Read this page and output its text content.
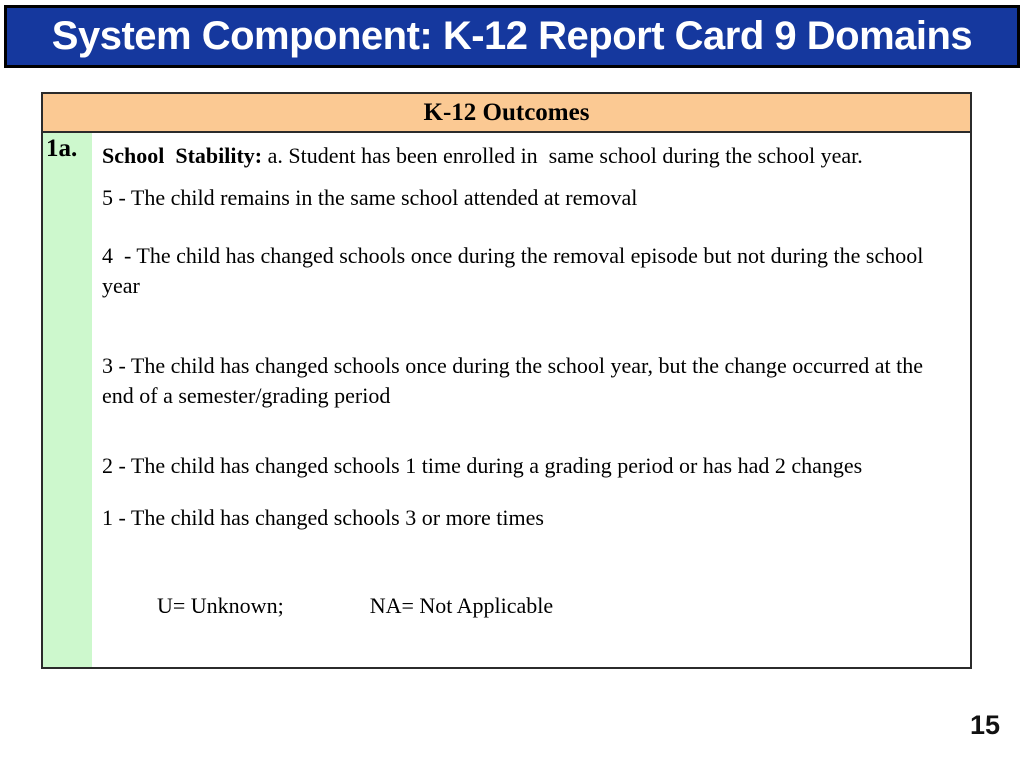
System Component: K-12 Report Card 9 Domains
K-12 Outcomes
1a.	School  Stability: a. Student has been enrolled in  same school during the school year.

5 - The child remains in the same school attended at removal

4  - The child has changed schools once during the removal episode but not during the school year

3 - The child has changed schools once during the school year, but the change occurred at the end of a semester/grading period

2 - The child has changed schools 1 time during a grading period or has had 2 changes

1 - The child has changed schools 3 or more times

U= Unknown;	NA= Not Applicable

15
